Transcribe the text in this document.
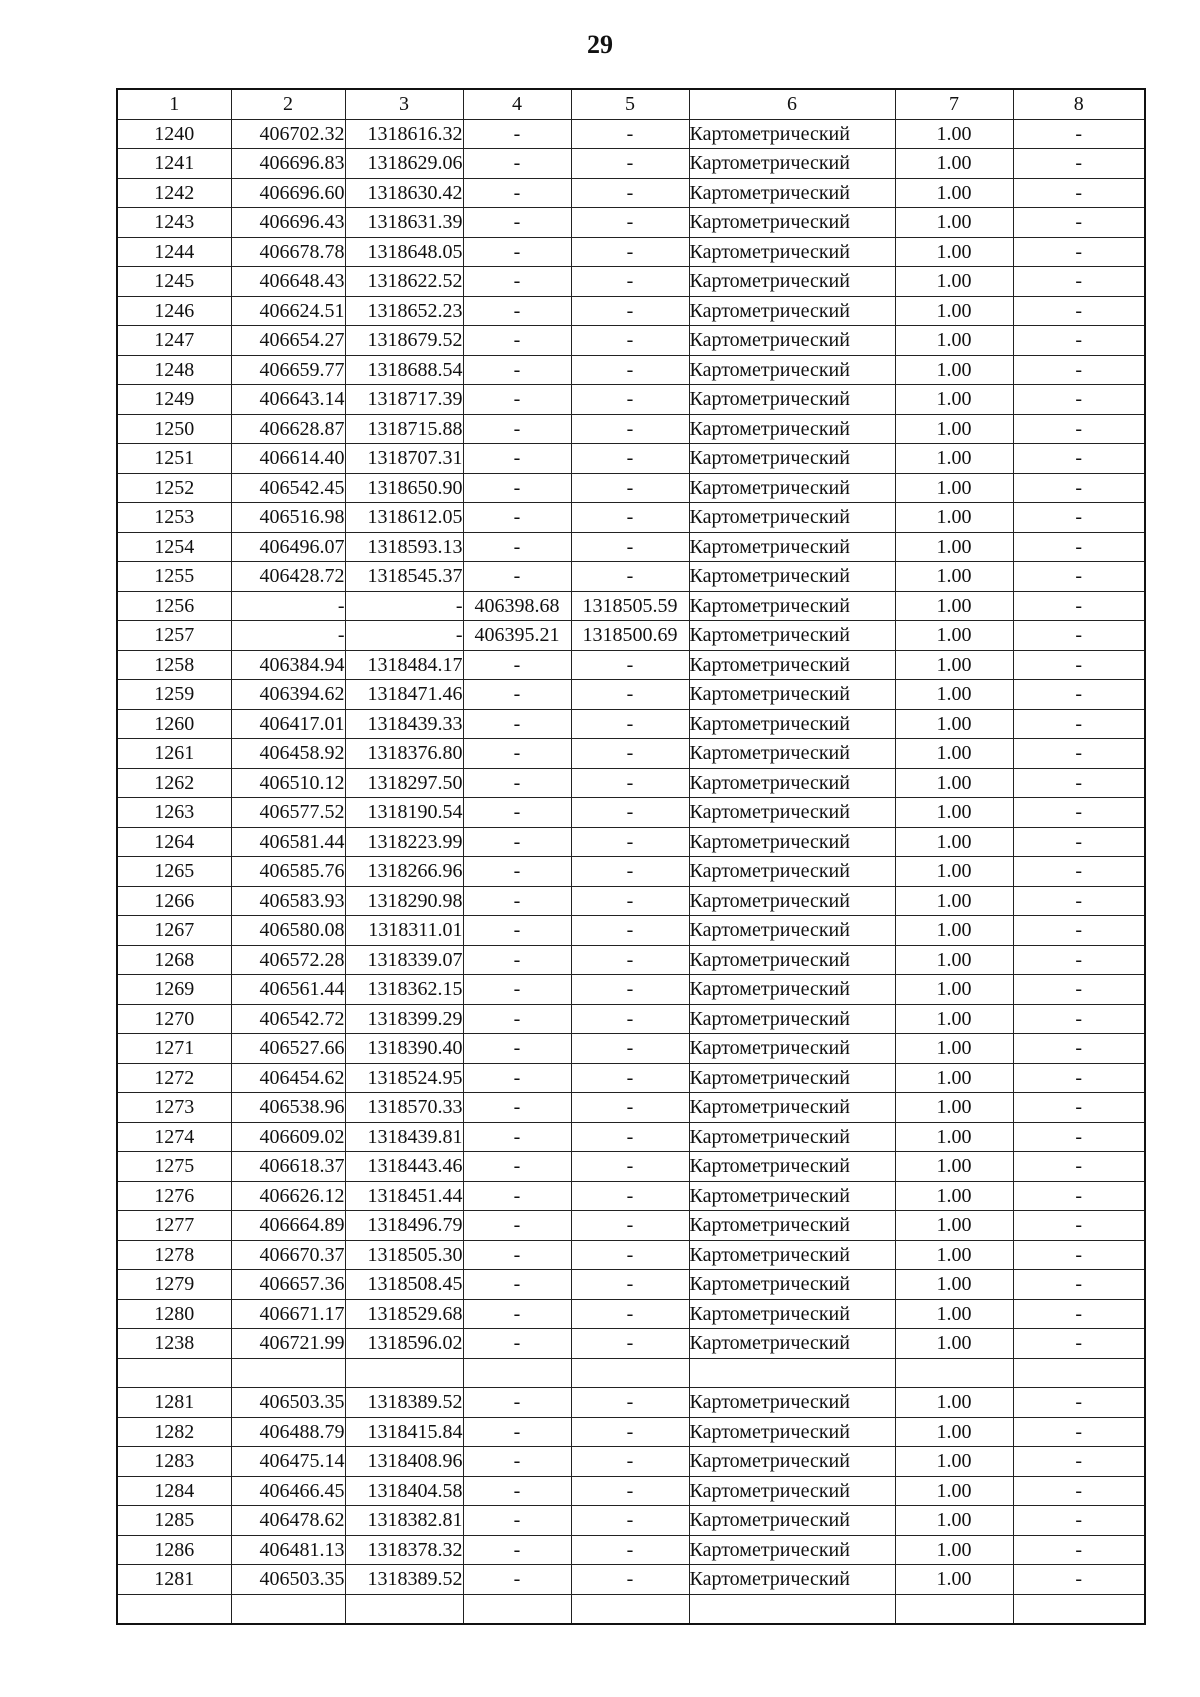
29
1	2	3	4	5	6	7	8
1240	406702.32	1318616.32	-	-	Картометрический	1.00	-
1241	406696.83	1318629.06	-	-	Картометрический	1.00	-
1242	406696.60	1318630.42	-	-	Картометрический	1.00	-
1243	406696.43	1318631.39	-	-	Картометрический	1.00	-
1244	406678.78	1318648.05	-	-	Картометрический	1.00	-
1245	406648.43	1318622.52	-	-	Картометрический	1.00	-
1246	406624.51	1318652.23	-	-	Картометрический	1.00	-
1247	406654.27	1318679.52	-	-	Картометрический	1.00	-
1248	406659.77	1318688.54	-	-	Картометрический	1.00	-
1249	406643.14	1318717.39	-	-	Картометрический	1.00	-
1250	406628.87	1318715.88	-	-	Картометрический	1.00	-
1251	406614.40	1318707.31	-	-	Картометрический	1.00	-
1252	406542.45	1318650.90	-	-	Картометрический	1.00	-
1253	406516.98	1318612.05	-	-	Картометрический	1.00	-
1254	406496.07	1318593.13	-	-	Картометрический	1.00	-
1255	406428.72	1318545.37	-	-	Картометрический	1.00	-
1256	-	-	406398.68	1318505.59	Картометрический	1.00	-
1257	-	-	406395.21	1318500.69	Картометрический	1.00	-
1258	406384.94	1318484.17	-	-	Картометрический	1.00	-
1259	406394.62	1318471.46	-	-	Картометрический	1.00	-
1260	406417.01	1318439.33	-	-	Картометрический	1.00	-
1261	406458.92	1318376.80	-	-	Картометрический	1.00	-
1262	406510.12	1318297.50	-	-	Картометрический	1.00	-
1263	406577.52	1318190.54	-	-	Картометрический	1.00	-
1264	406581.44	1318223.99	-	-	Картометрический	1.00	-
1265	406585.76	1318266.96	-	-	Картометрический	1.00	-
1266	406583.93	1318290.98	-	-	Картометрический	1.00	-
1267	406580.08	1318311.01	-	-	Картометрический	1.00	-
1268	406572.28	1318339.07	-	-	Картометрический	1.00	-
1269	406561.44	1318362.15	-	-	Картометрический	1.00	-
1270	406542.72	1318399.29	-	-	Картометрический	1.00	-
1271	406527.66	1318390.40	-	-	Картометрический	1.00	-
1272	406454.62	1318524.95	-	-	Картометрический	1.00	-
1273	406538.96	1318570.33	-	-	Картометрический	1.00	-
1274	406609.02	1318439.81	-	-	Картометрический	1.00	-
1275	406618.37	1318443.46	-	-	Картометрический	1.00	-
1276	406626.12	1318451.44	-	-	Картометрический	1.00	-
1277	406664.89	1318496.79	-	-	Картометрический	1.00	-
1278	406670.37	1318505.30	-	-	Картометрический	1.00	-
1279	406657.36	1318508.45	-	-	Картометрический	1.00	-
1280	406671.17	1318529.68	-	-	Картометрический	1.00	-
1238	406721.99	1318596.02	-	-	Картометрический	1.00	-

1281	406503.35	1318389.52	-	-	Картометрический	1.00	-
1282	406488.79	1318415.84	-	-	Картометрический	1.00	-
1283	406475.14	1318408.96	-	-	Картометрический	1.00	-
1284	406466.45	1318404.58	-	-	Картометрический	1.00	-
1285	406478.62	1318382.81	-	-	Картометрический	1.00	-
1286	406481.13	1318378.32	-	-	Картометрический	1.00	-
1281	406503.35	1318389.52	-	-	Картометрический	1.00	-
